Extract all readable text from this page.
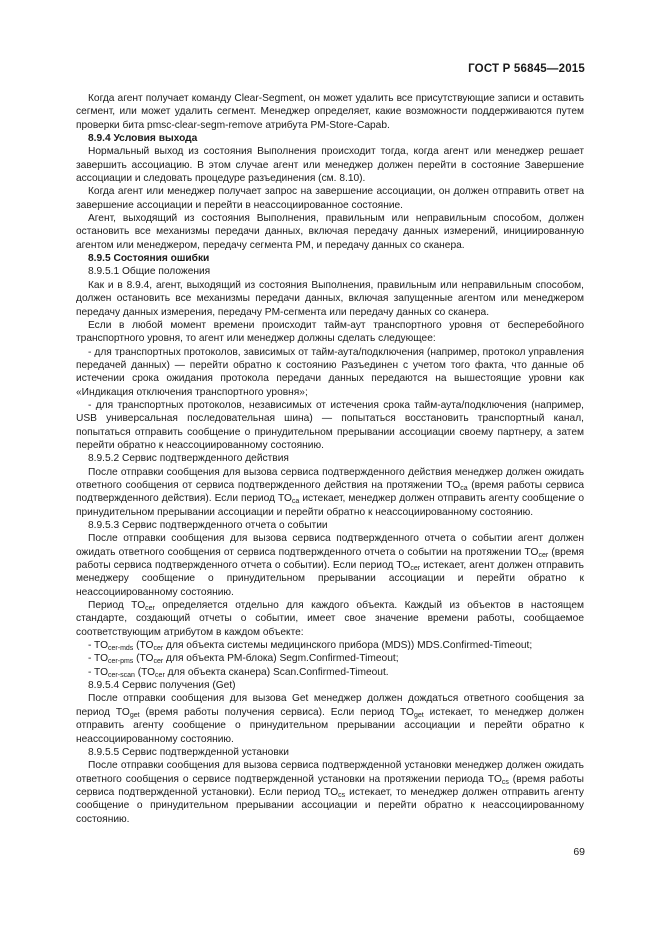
ГОСТ Р 56845—2015

Когда агент получает команду Clear-Segment, он может удалить все присутствующие записи и оставить сегмент, или может удалить сегмент. Менеджер определяет, какие возможности поддерживаются путем проверки бита pmsc-clear-segm-remove атрибута PM-Store-Capab.

8.9.4 Условия выхода

Нормальный выход из состояния Выполнения происходит тогда, когда агент или менеджер решает завершить ассоциацию. В этом случае агент или менеджер должен перейти в состояние Завершение ассоциации и следовать процедуре разъединения (см. 8.10).

Когда агент или менеджер получает запрос на завершение ассоциации, он должен отправить ответ на завершение ассоциации и перейти в неассоциированное состояние.

Агент, выходящий из состояния Выполнения, правильным или неправильным способом, должен остановить все механизмы передачи данных, включая передачу данных измерений, инициированную агентом или менеджером, передачу сегмента PM, и передачу данных со сканера.

8.9.5 Состояния ошибки

8.9.5.1 Общие положения

Как и в 8.9.4, агент, выходящий из состояния Выполнения, правильным или неправильным способом, должен остановить все механизмы передачи данных, включая запущенные агентом или менеджером передачу данных измерения, передачу PM-сегмента или передачу данных со сканера.

Если в любой момент времени происходит тайм-аут транспортного уровня от бесперебойного транспортного уровня, то агент или менеджер должны сделать следующее:

- для транспортных протоколов, зависимых от тайм-аута/подключения (например, протокол управления передачей данных) — перейти обратно к состоянию Разъединен с учетом того факта, что данные об истечении срока ожидания протокола передачи данных передаются на вышестоящие уровни как «Индикация отключения транспортного уровня»;

- для транспортных протоколов, независимых от истечения срока тайм-аута/подключения (например, USB универсальная последовательная шина) — попытаться восстановить транспортный канал, попытаться отправить сообщение о принудительном прерывании ассоциации своему партнеру, а затем перейти обратно к неассоциированному состоянию.

8.9.5.2 Сервис подтвержденного действия

После отправки сообщения для вызова сервиса подтвержденного действия менеджер должен ожидать ответного сообщения от сервиса подтвержденного действия на протяжении $TO_{ca}$ (время работы сервиса подтвержденного действия). Если период $TO_{ca}$ истекает, менеджер должен отправить агенту сообщение о принудительном прерывании ассоциации и перейти обратно к неассоциированному состоянию.

8.9.5.3 Сервис подтвержденного отчета о событии

После отправки сообщения для вызова сервиса подтвержденного отчета о событии агент должен ожидать ответного сообщения от сервиса подтвержденного отчета о событии на протяжении $TO_{cer}$ (время работы сервиса подтвержденного отчета о событии). Если период $TO_{cer}$ истекает, агент должен отправить менеджеру сообщение о принудительном прерывании ассоциации и перейти обратно к неассоциированному состоянию.

Период $TO_{cer}$ определяется отдельно для каждого объекта. Каждый из объектов в настоящем стандарте, создающий отчеты о событии, имеет свое значение времени работы, сообщаемое соответствующим атрибутом в каждом объекте:

- $TO_{cer-mds}$ ($TO_{cer}$ для объекта системы медицинского прибора (MDS)) MDS.Confirmed-Timeout;

- $TO_{cer-pms}$ ($TO_{cer}$ для объекта PM-блока) Segm.Confirmed-Timeout;

- $TO_{cer-scan}$ ($TO_{cer}$ для объекта сканера) Scan.Confirmed-Timeout.

8.9.5.4 Сервис получения (Get)

После отправки сообщения для вызова Get менеджер должен дождаться ответного сообщения за период $TO_{get}$ (время работы получения сервиса). Если период $TO_{get}$ истекает, то менеджер должен отправить агенту сообщение о принудительном прерывании ассоциации и перейти обратно к неассоциированному состоянию.

8.9.5.5 Сервис подтвержденной установки

После отправки сообщения для вызова сервиса подтвержденной установки менеджер должен ожидать ответного сообщения о сервисе подтвержденной установки на протяжении периода $TO_{cs}$ (время работы сервиса подтвержденной установки). Если период $TO_{cs}$ истекает, то менеджер должен отправить агенту сообщение о принудительном прерывании ассоциации и перейти обратно к неассоциированному состоянию.

69
